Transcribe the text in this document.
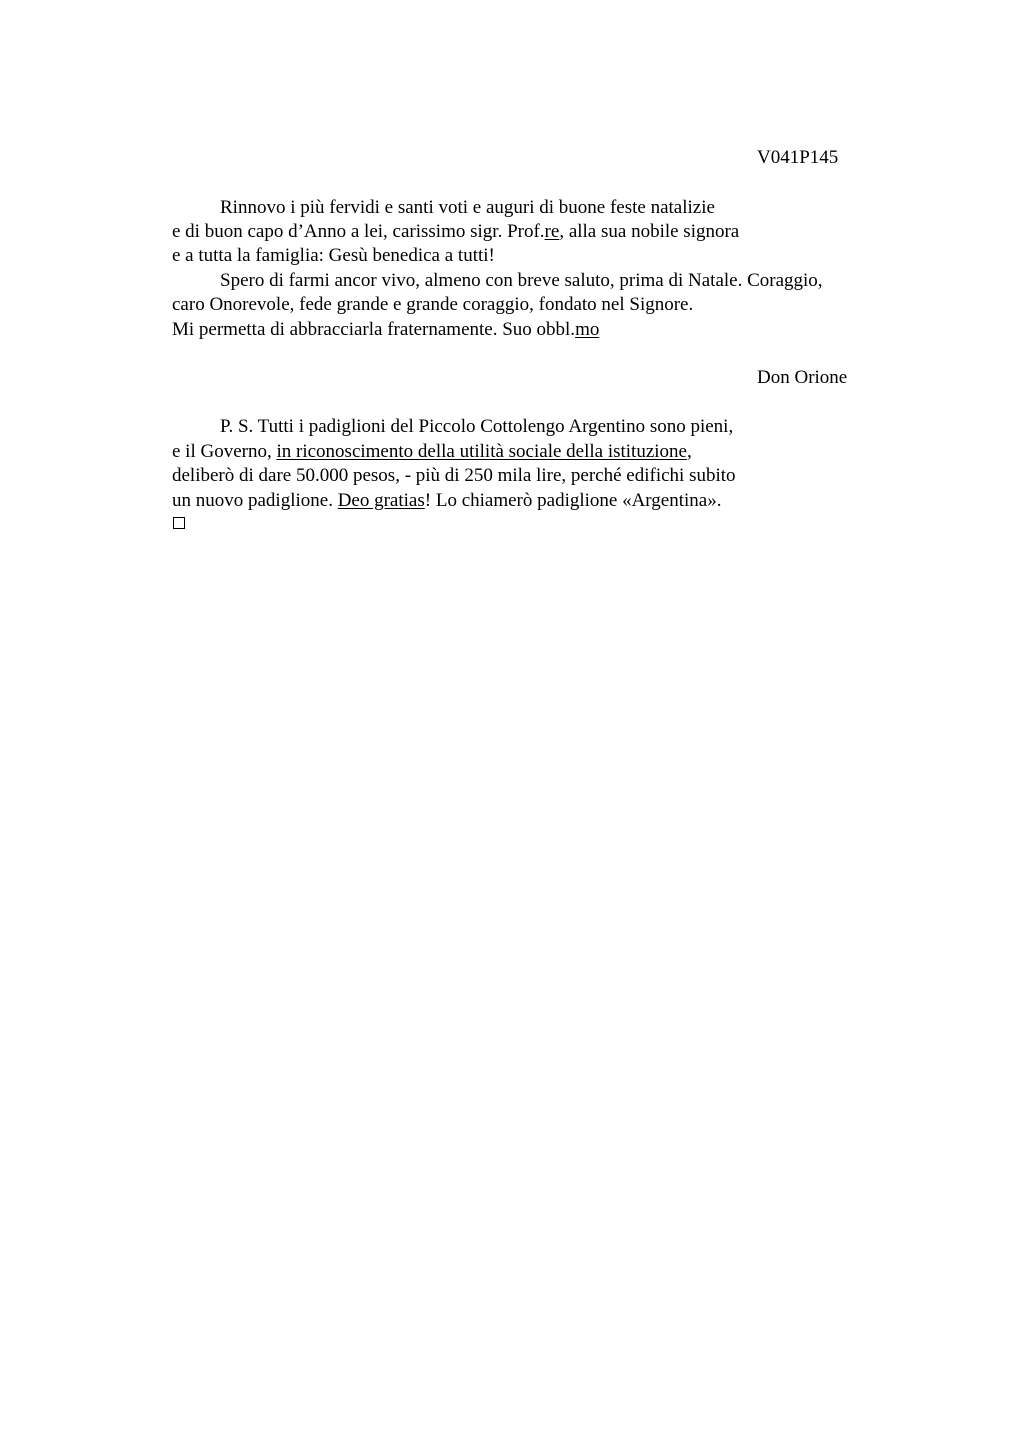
V041P145
Rinnovo i più fervidi e santi voti e auguri di buone feste natalizie
e di buon capo d’Anno a lei, carissimo sigr. Prof.re, alla sua nobile signora
e a tutta la famiglia: Gesù benedica a tutti!
Spero di farmi ancor vivo, almeno con breve saluto, prima di Natale. Coraggio,
caro Onorevole, fede grande e grande coraggio, fondato nel Signore.
Mi permetta di abbracciarla fraternamente. Suo obbl.mo
Don Orione
P. S. Tutti i padiglioni del Piccolo Cottolengo Argentino sono pieni,
e il Governo, in riconoscimento della utilità sociale della istituzione,
deliberò di dare 50.000 pesos, - più di 250 mila lire, perché edifichi subito
un nuovo padiglione. Deo gratias! Lo chiamerò padiglione «Argentina».
